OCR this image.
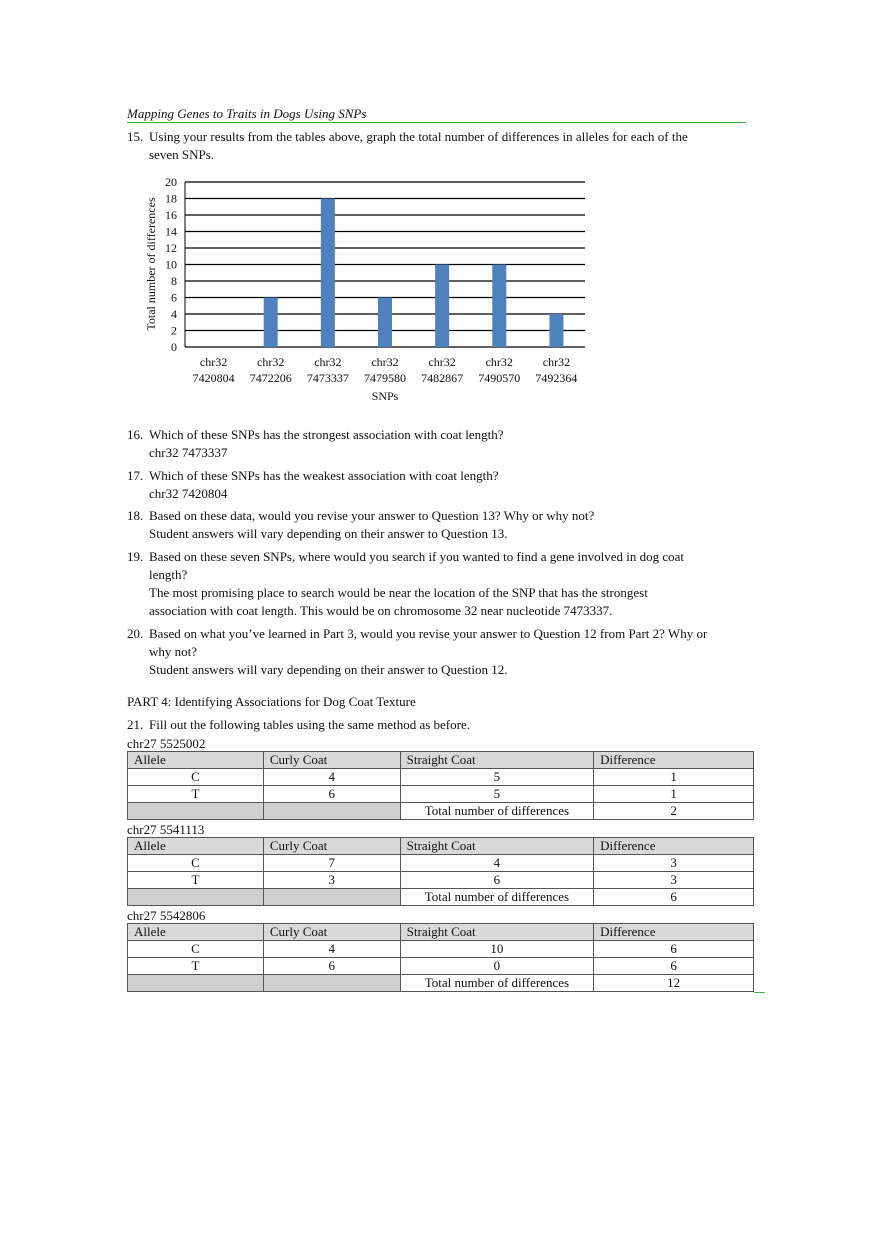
Mapping Genes to Traits in Dogs Using SNPs
15. Using your results from the tables above, graph the total number of differences in alleles for each of the seven SNPs.
0
2
4
6
8
10
12
14
16
18
20
chr32
7420804
chr32
7472206
chr32
7473337
chr32
7479580
chr32
7482867
chr32
7490570
chr32
7492364
Total number of differences
SNPs
16. Which of these SNPs has the strongest association with coat length?
chr32 7473337
17. Which of these SNPs has the weakest association with coat length?
chr32 7420804
18. Based on these data, would you revise your answer to Question 13? Why or why not?
Student answers will vary depending on their answer to Question 13.
19. Based on these seven SNPs, where would you search if you wanted to find a gene involved in dog coat length?
The most promising place to search would be near the location of the SNP that has the strongest association with coat length. This would be on chromosome 32 near nucleotide 7473337.
20. Based on what you’ve learned in Part 3, would you revise your answer to Question 12 from Part 2? Why or why not?
Student answers will vary depending on their answer to Question 12.
PART 4: Identifying Associations for Dog Coat Texture
21. Fill out the following tables using the same method as before.
chr27 5525002
Allele	Curly Coat	Straight Coat	Difference
C	4	5	1
T	6	5	1
		Total number of differences	2
chr27 5541113
Allele	Curly Coat	Straight Coat	Difference
C	7	4	3
T	3	6	3
		Total number of differences	6
chr27 5542806
Allele	Curly Coat	Straight Coat	Difference
C	4	10	6
T	6	0	6
		Total number of differences	12
